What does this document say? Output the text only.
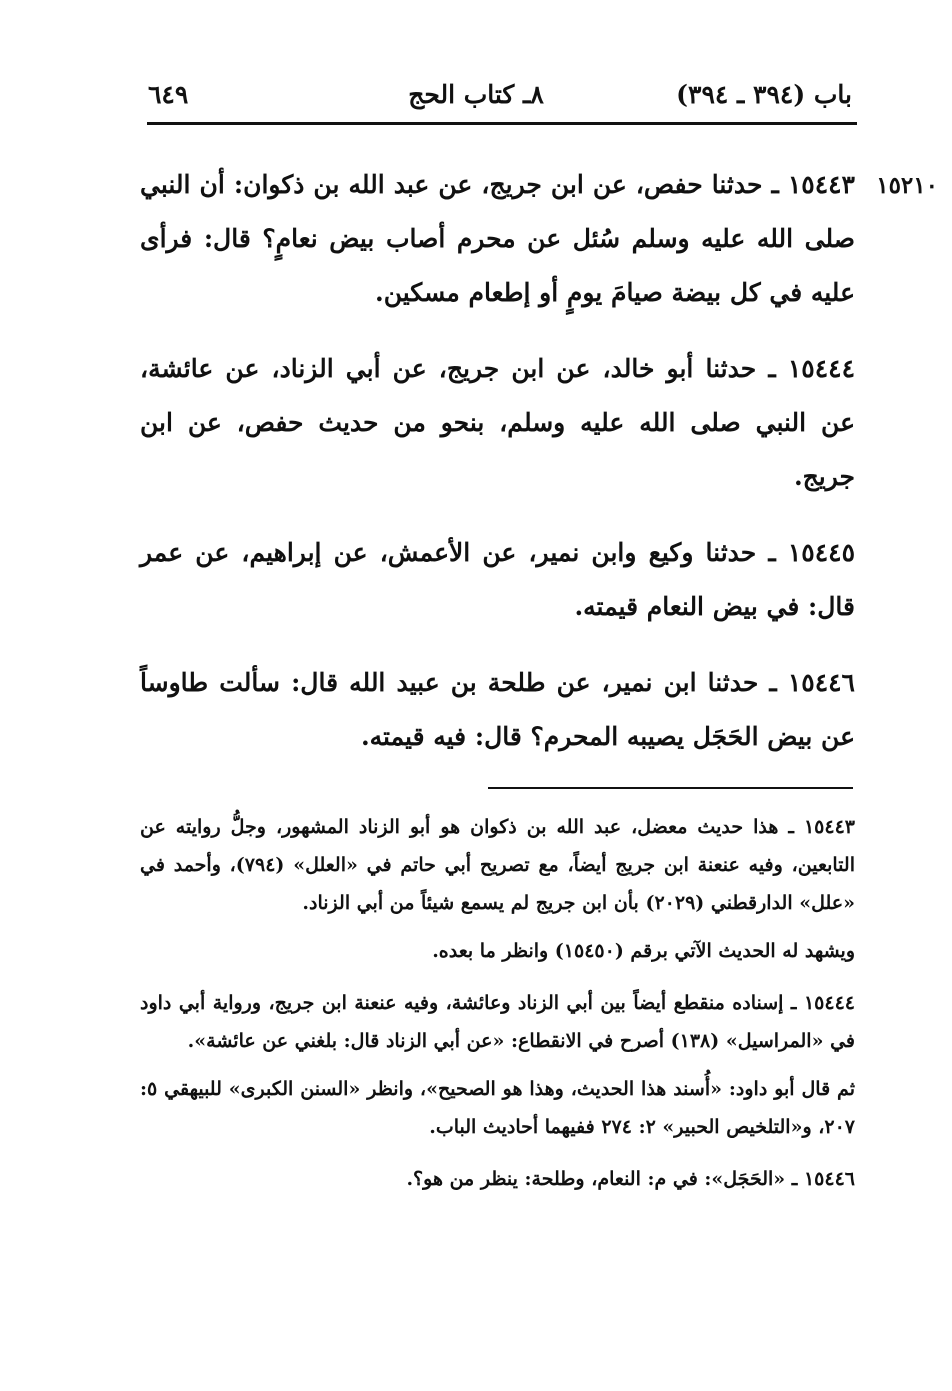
باب (٣٩٤ ـ ٣٩٤)
٨ـ كتاب الحج
٦٤٩
١٥٢١٠

١٥٤٤٣ ـ حدثنا حفص، عن ابن جريج، عن عبد الله بن ذكوان: أن النبي صلى الله عليه وسلم سُئل عن محرم أصاب بيض نعامٍ؟ قال: فرأى عليه في كل بيضة صيامَ يومٍ أو إطعام مسكين.

١٥٤٤٤ ـ حدثنا أبو خالد، عن ابن جريج، عن أبي الزناد، عن عائشة، عن النبي صلى الله عليه وسلم، بنحو من حديث حفص، عن ابن جريج.

١٥٤٤٥ ـ حدثنا وكيع وابن نمير، عن الأعمش، عن إبراهيم، عن عمر قال: في بيض النعام قيمته.

١٥٤٤٦ ـ حدثنا ابن نمير، عن طلحة بن عبيد الله قال: سألت طاوساً عن بيض الحَجَل يصيبه المحرم؟ قال: فيه قيمته.

١٥٤٤٣ ـ هذا حديث معضل، عبد الله بن ذكوان هو أبو الزناد المشهور، وجلُّ روايته عن التابعين، وفيه عنعنة ابن جريج أيضاً، مع تصريح أبي حاتم في «العلل» (٧٩٤)، وأحمد في «علل» الدارقطني (٢٠٢٩) بأن ابن جريج لم يسمع شيئاً من أبي الزناد.

ويشهد له الحديث الآتي برقم (١٥٤٥٠) وانظر ما بعده.

١٥٤٤٤ ـ إسناده منقطع أيضاً بين أبي الزناد وعائشة، وفيه عنعنة ابن جريج، ورواية أبي داود في «المراسيل» (١٣٨) أصرح في الانقطاع: «عن أبي الزناد قال: بلغني عن عائشة».

ثم قال أبو داود: «أُسند هذا الحديث، وهذا هو الصحيح»، وانظر «السنن الكبرى» للبيهقي ٥: ٢٠٧، و«التلخيص الحبير» ٢: ٢٧٤ ففيهما أحاديث الباب.

١٥٤٤٦ ـ «الحَجَل»: في م: النعام، وطلحة: ينظر من هو؟.
